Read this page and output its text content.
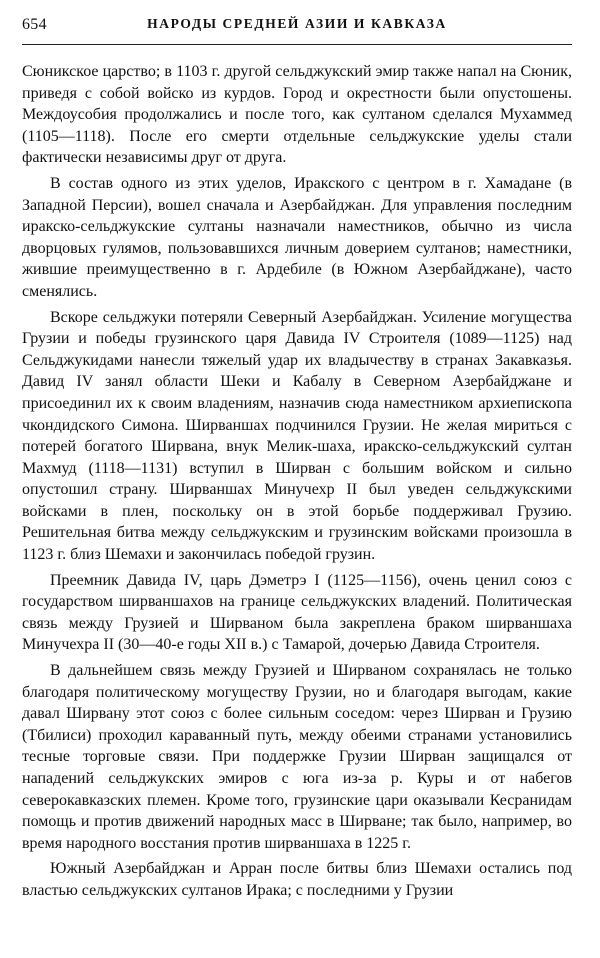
654	НАРОДЫ СРЕДНЕЙ АЗИИ И КАВКАЗА

Сюникское царство; в 1103 г. другой сельджукский эмир также напал на Сюник, приведя с собой войско из курдов. Город и окрестности были опустошены. Междоусобия продолжались и после того, как султаном сделался Мухаммед (1105—1118). После его смерти отдельные сельджукские уделы стали фактически независимы друг от друга.

В состав одного из этих уделов, Иракского с центром в г. Хамадане (в Западной Персии), вошел сначала и Азербайджан. Для управления последним иракско-сельджукские султаны назначали наместников, обычно из числа дворцовых гулямов, пользовавшихся личным доверием султанов; наместники, жившие преимущественно в г. Ардебиле (в Южном Азербайджане), часто сменялись.

Вскоре сельджуки потеряли Северный Азербайджан. Усиление могущества Грузии и победы грузинского царя Давида IV Строителя (1089—1125) над Сельджукидами нанесли тяжелый удар их владычеству в странах Закавказья. Давид IV занял области Шеки и Кабалу в Северном Азербайджане и присоединил их к своим владениям, назначив сюда наместником архиепископа чкондидского Симона. Ширваншах подчинился Грузии. Не желая мириться с потерей богатого Ширвана, внук Мелик-шаха, иракско-сельджукский султан Махмуд (1118—1131) вступил в Ширван с большим войском и сильно опустошил страну. Ширваншах Минучехр II был уведен сельджукскими войсками в плен, поскольку он в этой борьбе поддерживал Грузию. Решительная битва между сельджукским и грузинским войсками произошла в 1123 г. близ Шемахи и закончилась победой грузин.

Преемник Давида IV, царь Дэметрэ I (1125—1156), очень ценил союз с государством ширваншахов на границе сельджукских владений. Политическая связь между Грузией и Ширваном была закреплена браком ширваншаха Минучехра II (30—40-е годы XII в.) с Тамарой, дочерью Давида Строителя.

В дальнейшем связь между Грузией и Ширваном сохранялась не только благодаря политическому могуществу Грузии, но и благодаря выгодам, какие давал Ширвану этот союз с более сильным соседом: через Ширван и Грузию (Тбилиси) проходил караванный путь, между обеими странами установились тесные торговые связи. При поддержке Грузии Ширван защищался от нападений сельджукских эмиров с юга из-за р. Куры и от набегов северокавказских племен. Кроме того, грузинские цари оказывали Кесранидам помощь и против движений народных масс в Ширване; так было, например, во время народного восстания против ширваншаха в 1225 г.

Южный Азербайджан и Арран после битвы близ Шемахи остались под властью сельджукских султанов Ирака; с последними у Грузии
